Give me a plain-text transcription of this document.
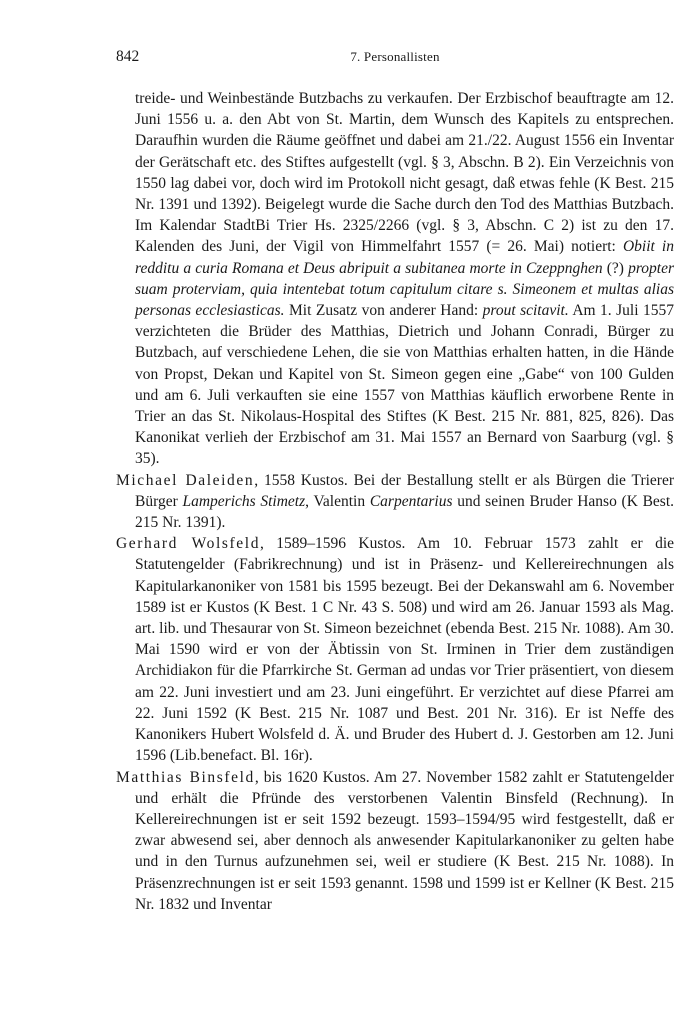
842	7. Personallisten

treide- und Weinbestände Butzbachs zu verkaufen. Der Erzbischof beauftragte am 12. Juni 1556 u. a. den Abt von St. Martin, dem Wunsch des Kapitels zu entsprechen. Daraufhin wurden die Räume geöffnet und dabei am 21./22. August 1556 ein Inventar der Gerätschaft etc. des Stiftes aufgestellt (vgl. § 3, Abschn. B 2). Ein Verzeichnis von 1550 lag dabei vor, doch wird im Protokoll nicht gesagt, daß etwas fehle (K Best. 215 Nr. 1391 und 1392). Beigelegt wurde die Sache durch den Tod des Matthias Butzbach. Im Kalendar StadtBi Trier Hs. 2325/2266 (vgl. § 3, Abschn. C 2) ist zu den 17. Kalenden des Juni, der Vigil von Himmelfahrt 1557 (= 26. Mai) notiert: Obiit in redditu a curia Romana et Deus abripuit a subitanea morte in Czeppnghen (?) propter suam proterviam, quia intentebat totum capitulum citare s. Simeonem et multas alias personas ecclesiasticas. Mit Zusatz von anderer Hand: prout scitavit. Am 1. Juli 1557 verzichteten die Brüder des Matthias, Dietrich und Johann Conradi, Bürger zu Butzbach, auf verschiedene Lehen, die sie von Matthias erhalten hatten, in die Hände von Propst, Dekan und Kapitel von St. Simeon gegen eine „Gabe“ von 100 Gulden und am 6. Juli verkauften sie eine 1557 von Matthias käuflich erworbene Rente in Trier an das St. Nikolaus-Hospital des Stiftes (K Best. 215 Nr. 881, 825, 826). Das Kanonikat verlieh der Erzbischof am 31. Mai 1557 an Bernard von Saarburg (vgl. § 35).

Michael Daleiden, 1558 Kustos. Bei der Bestallung stellt er als Bürgen die Trierer Bürger Lamperichs Stimetz, Valentin Carpentarius und seinen Bruder Hanso (K Best. 215 Nr. 1391).

Gerhard Wolsfeld, 1589–1596 Kustos. Am 10. Februar 1573 zahlt er die Statutengelder (Fabrikrechnung) und ist in Präsenz- und Kellereirechnungen als Kapitularkanoniker von 1581 bis 1595 bezeugt. Bei der Dekanswahl am 6. November 1589 ist er Kustos (K Best. 1 C Nr. 43 S. 508) und wird am 26. Januar 1593 als Mag. art. lib. und Thesaurar von St. Simeon bezeichnet (ebenda Best. 215 Nr. 1088). Am 30. Mai 1590 wird er von der Äbtissin von St. Irminen in Trier dem zuständigen Archidiakon für die Pfarrkirche St. German ad undas vor Trier präsentiert, von diesem am 22. Juni investiert und am 23. Juni eingeführt. Er verzichtet auf diese Pfarrei am 22. Juni 1592 (K Best. 215 Nr. 1087 und Best. 201 Nr. 316). Er ist Neffe des Kanonikers Hubert Wolsfeld d. Ä. und Bruder des Hubert d. J. Gestorben am 12. Juni 1596 (Lib.benefact. Bl. 16r).

Matthias Binsfeld, bis 1620 Kustos. Am 27. November 1582 zahlt er Statutengelder und erhält die Pfründe des verstorbenen Valentin Binsfeld (Rechnung). In Kellereirechnungen ist er seit 1592 bezeugt. 1593–1594/95 wird festgestellt, daß er zwar abwesend sei, aber dennoch als anwesender Kapitularkanoniker zu gelten habe und in den Turnus aufzunehmen sei, weil er studiere (K Best. 215 Nr. 1088). In Präsenzrechnungen ist er seit 1593 genannt. 1598 und 1599 ist er Kellner (K Best. 215 Nr. 1832 und Inventar
